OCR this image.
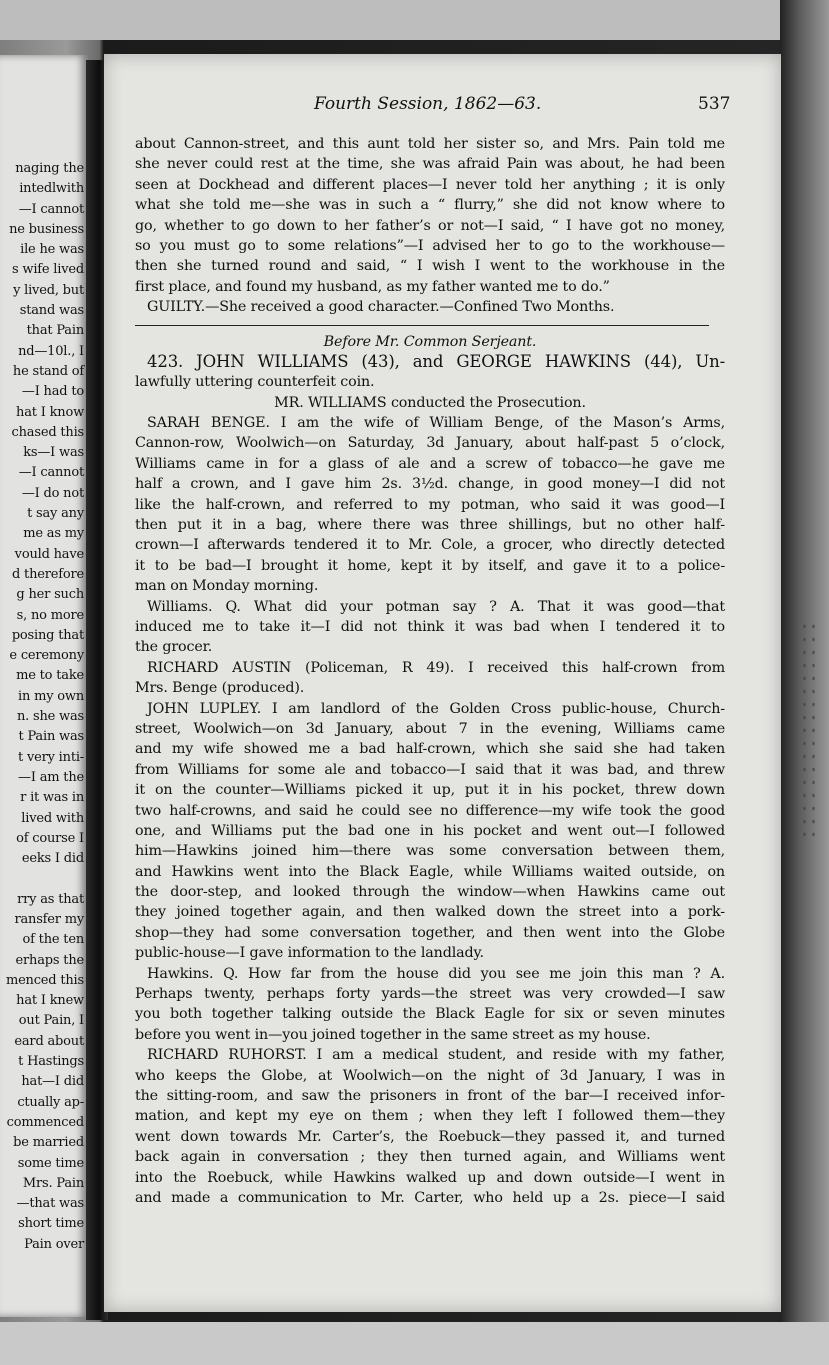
naging the
intedlwith
—I cannot
ne business
ile he was
s wife lived
y lived, but
stand was
that Pain
nd—10l., I
he stand of
—I had to
hat I know
chased this
ks—I was
—I cannot
—I do not
t say any
me as my
vould have
d therefore
g her such
s, no more
posing that
e ceremony
me to take
in my own
n. she was
t Pain was
t very inti-
—I am the
r it was in
lived with
of course I
eeks I did
rry as that
ransfer my
of the ten
erhaps the
menced this
hat I knew
out Pain, I
eard about
t Hastings
hat—I did
ctually ap-
commenced
be married
some time
Mrs. Pain
—that was
short time
Pain over
Fourth Session, 1862—63.	537
about Cannon-street, and this aunt told her sister so, and Mrs. Pain told me
she never could rest at the time, she was afraid Pain was about, he had been
seen at Dockhead and different places—I never told her anything ; it is only
what she told me—she was in such a “ flurry,” she did not know where to
go, whether to go down to her father’s or not—I said, “ I have got no money,
so you must go to some relations”—I advised her to go to the workhouse—
then she turned round and said, “ I wish I went to the workhouse in the
first place, and found my husband, as my father wanted me to do.”
GUILTY.—She received a good character.—Confined Two Months.
Before Mr. Common Serjeant.
423. JOHN WILLIAMS (43), and GEORGE HAWKINS (44), Un-
lawfully uttering counterfeit coin.
MR. WILLIAMS conducted the Prosecution.
SARAH BENGE. I am the wife of William Benge, of the Mason’s Arms,
Cannon-row, Woolwich—on Saturday, 3d January, about half-past 5 o’clock,
Williams came in for a glass of ale and a screw of tobacco—he gave me
half a crown, and I gave him 2s. 3½d. change, in good money—I did not
like the half-crown, and referred to my potman, who said it was good—I
then put it in a bag, where there was three shillings, but no other half-
crown—I afterwards tendered it to Mr. Cole, a grocer, who directly detected
it to be bad—I brought it home, kept it by itself, and gave it to a police-
man on Monday morning.
Williams. Q. What did your potman say ? A. That it was good—that
induced me to take it—I did not think it was bad when I tendered it to
the grocer.
RICHARD AUSTIN (Policeman, R 49). I received this half-crown from
Mrs. Benge (produced).
JOHN LUPLEY. I am landlord of the Golden Cross public-house, Church-
street, Woolwich—on 3d January, about 7 in the evening, Williams came
and my wife showed me a bad half-crown, which she said she had taken
from Williams for some ale and tobacco—I said that it was bad, and threw
it on the counter—Williams picked it up, put it in his pocket, threw down
two half-crowns, and said he could see no difference—my wife took the good
one, and Williams put the bad one in his pocket and went out—I followed
him—Hawkins joined him—there was some conversation between them,
and Hawkins went into the Black Eagle, while Williams waited outside, on
the door-step, and looked through the window—when Hawkins came out
they joined together again, and then walked down the street into a pork-
shop—they had some conversation together, and then went into the Globe
public-house—I gave information to the landlady.
Hawkins. Q. How far from the house did you see me join this man ? A.
Perhaps twenty, perhaps forty yards—the street was very crowded—I saw
you both together talking outside the Black Eagle for six or seven minutes
before you went in—you joined together in the same street as my house.
RICHARD RUHORST. I am a medical student, and reside with my father,
who keeps the Globe, at Woolwich—on the night of 3d January, I was in
the sitting-room, and saw the prisoners in front of the bar—I received infor-
mation, and kept my eye on them ; when they left I followed them—they
went down towards Mr. Carter’s, the Roebuck—they passed it, and turned
back again in conversation ; they then turned again, and Williams went
into the Roebuck, while Hawkins walked up and down outside—I went in
and made a communication to Mr. Carter, who held up a 2s. piece—I said
